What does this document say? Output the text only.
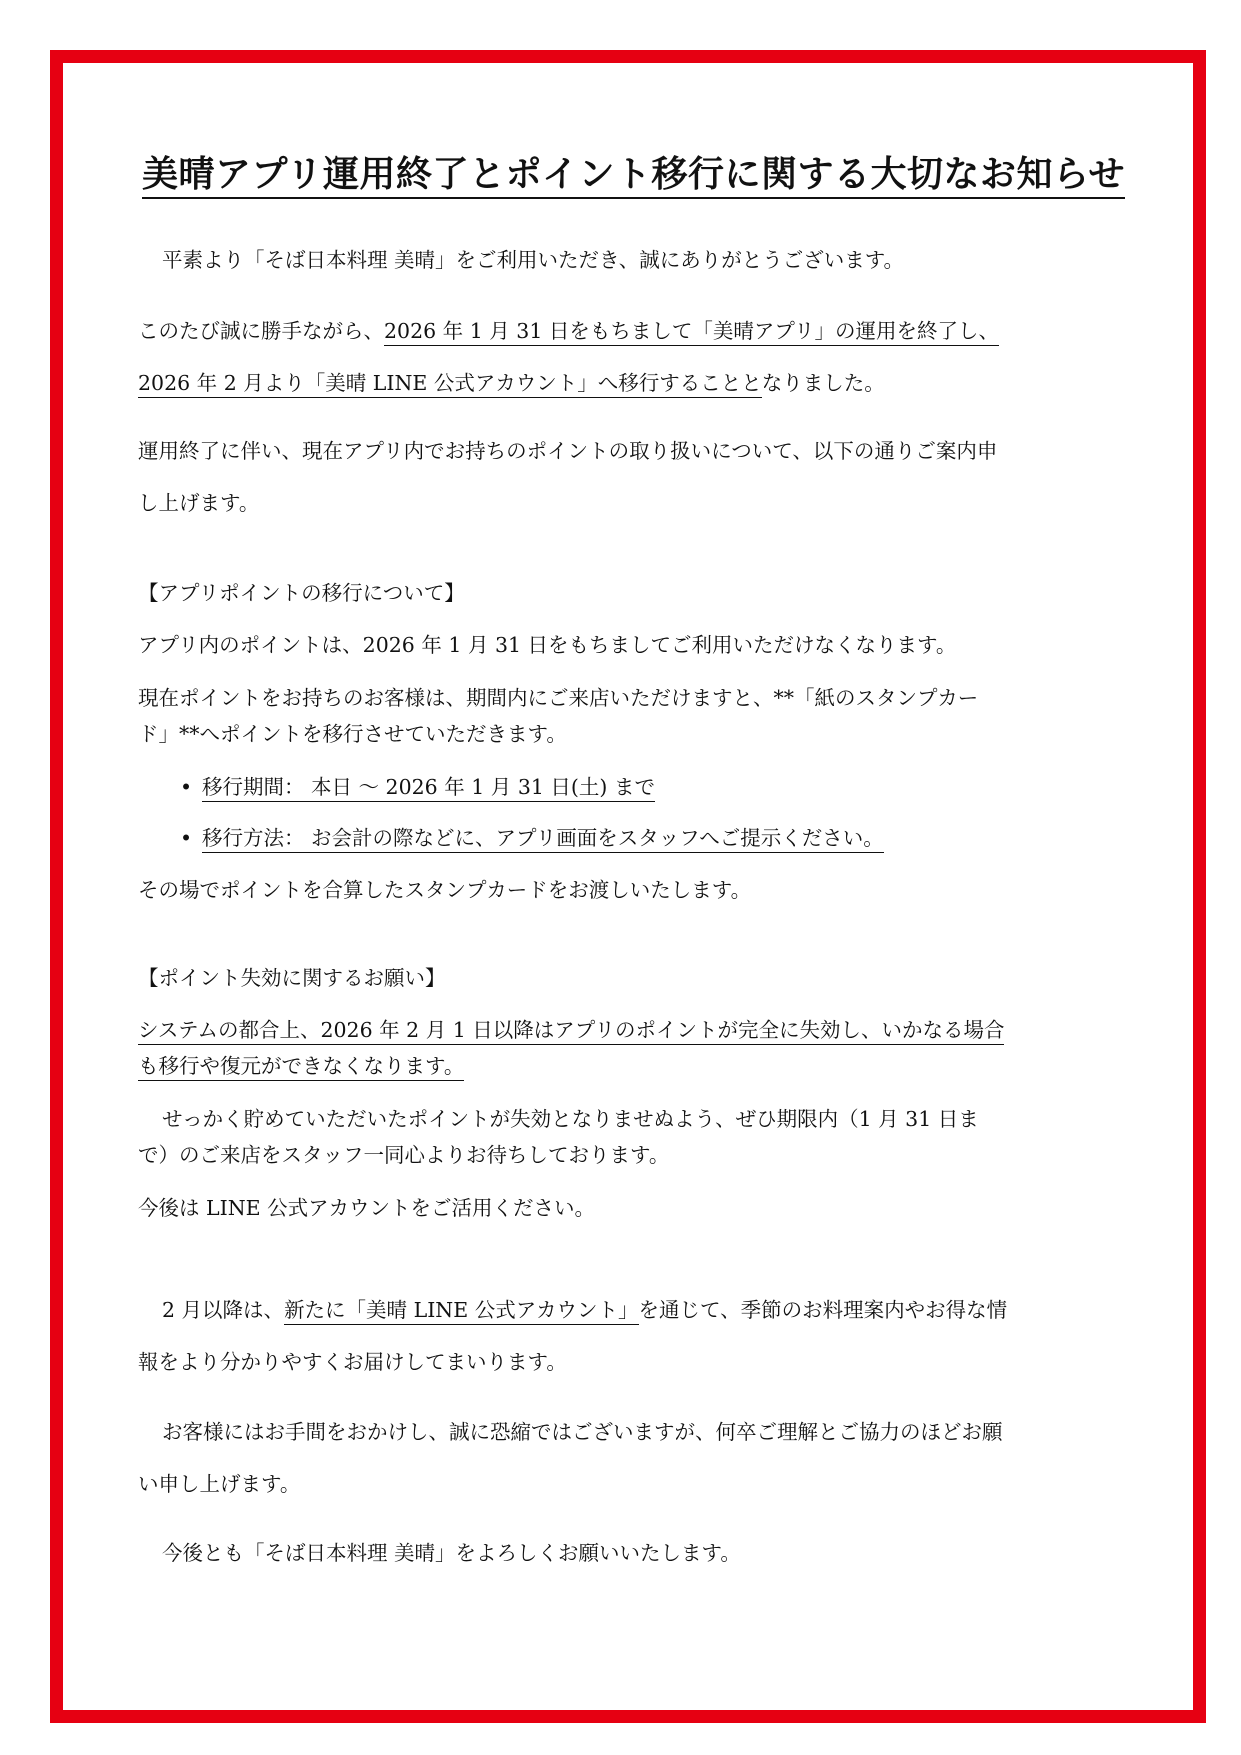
美晴アプリ運用終了とポイント移行に関する大切なお知らせ

平素より「そば日本料理 美晴」をご利用いただき、誠にありがとうございます。

このたび誠に勝手ながら、2026 年 1 月 31 日をもちまして「美晴アプリ」の運用を終了し、

2026 年 2 月より「美晴 LINE 公式アカウント」へ移行することとなりました。

運用終了に伴い、現在アプリ内でお持ちのポイントの取り扱いについて、以下の通りご案内申

し上げます。

【アプリポイントの移行について】

アプリ内のポイントは、2026 年 1 月 31 日をもちましてご利用いただけなくなります。

現在ポイントをお持ちのお客様は、期間内にご来店いただけますと、**「紙のスタンプカー

ド」**へポイントを移行させていただきます。

• 移行期間： 本日 ～ 2026 年 1 月 31 日(土) まで
• 移行方法： お会計の際などに、アプリ画面をスタッフへご提示ください。

その場でポイントを合算したスタンプカードをお渡しいたします。

【ポイント失効に関するお願い】

システムの都合上、2026 年 2 月 1 日以降はアプリのポイントが完全に失効し、いかなる場合

も移行や復元ができなくなります。

せっかく貯めていただいたポイントが失効となりませぬよう、ぜひ期限内（1 月 31 日ま

で）のご来店をスタッフ一同心よりお待ちしております。

今後は LINE 公式アカウントをご活用ください。

2 月以降は、新たに「美晴 LINE 公式アカウント」を通じて、季節のお料理案内やお得な情

報をより分かりやすくお届けしてまいります。

お客様にはお手間をおかけし、誠に恐縮ではございますが、何卒ご理解とご協力のほどお願

い申し上げます。

今後とも「そば日本料理 美晴」をよろしくお願いいたします。
